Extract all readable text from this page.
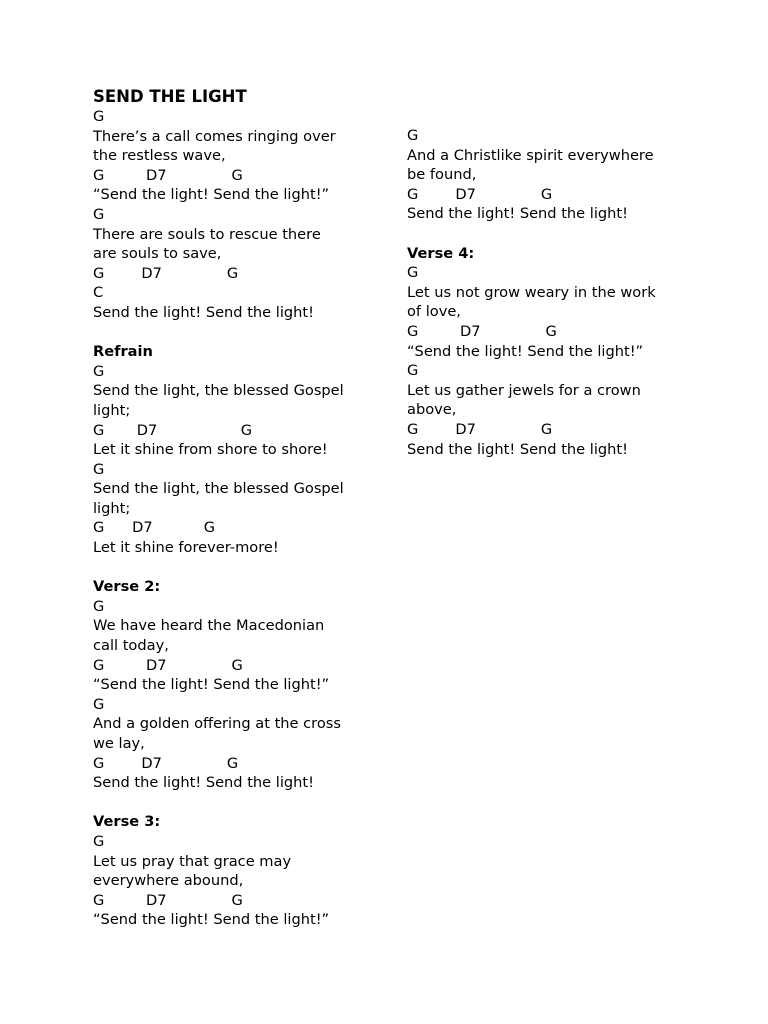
SEND THE LIGHT
G
There’s a call comes ringing over
the restless wave,
G         D7              G
“Send the light! Send the light!”
G
There are souls to rescue there
are souls to save,
G        D7              G
C
Send the light! Send the light!
Refrain
G
Send the light, the blessed Gospel
light;
G       D7                  G
Let it shine from shore to shore!
G
Send the light, the blessed Gospel
light;
G      D7           G
Let it shine forever-more!
Verse 2:
G
We have heard the Macedonian
call today,
G         D7              G
“Send the light! Send the light!”
G
And a golden offering at the cross
we lay,
G        D7              G
Send the light! Send the light!
Verse 3:
G
Let us pray that grace may
everywhere abound,
G         D7              G
“Send the light! Send the light!”
G
And a Christlike spirit everywhere
be found,
G        D7              G
Send the light! Send the light!
Verse 4:
G
Let us not grow weary in the work
of love,
G         D7              G
“Send the light! Send the light!”
G
Let us gather jewels for a crown
above,
G        D7              G
Send the light! Send the light!
